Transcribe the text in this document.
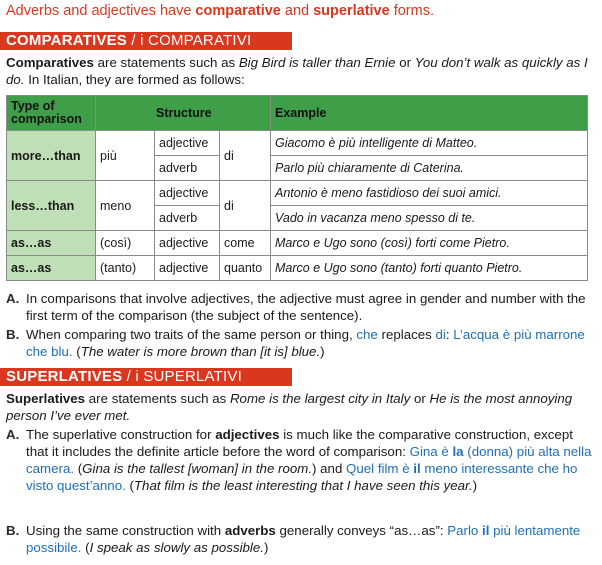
Adverbs and adjectives have comparative and superlative forms.
COMPARATIVES / i COMPARATIVI
Comparatives are statements such as Big Bird is taller than Ernie or You don’t walk as quickly as I do. In Italian, they are formed as follows:
Type of comparison	Structure			Example
more…than	più	adjective	di	Giacomo è più intelligente di Matteo.
		adverb		Parlo più chiaramente di Caterina.
less…than	meno	adjective	di	Antonio è meno fastidioso dei suoi amici.
		adverb		Vado in vacanza meno spesso di te.
as…as	(così)	adjective	come	Marco e Ugo sono (così) forti come Pietro.
as…as	(tanto)	adjective	quanto	Marco e Ugo sono (tanto) forti quanto Pietro.
A. In comparisons that involve adjectives, the adjective must agree in gender and number with the first term of the comparison (the subject of the sentence).
B. When comparing two traits of the same person or thing, che replaces di: L’acqua è più marrone che blu. (The water is more brown than [it is] blue.)
SUPERLATIVES / i SUPERLATIVI
Superlatives are statements such as Rome is the largest city in Italy or He is the most annoying person I’ve ever met.
A. The superlative construction for adjectives is much like the comparative construction, except that it includes the definite article before the word of comparison: Gina è la (donna) più alta nella camera. (Gina is the tallest [woman] in the room.) and Quel film è il meno interessante che ho visto quest’anno. (That film is the least interesting that I have seen this year.)
B. Using the same construction with adverbs generally conveys “as…as”: Parlo il più lentamente possibile. (I speak as slowly as possible.)
